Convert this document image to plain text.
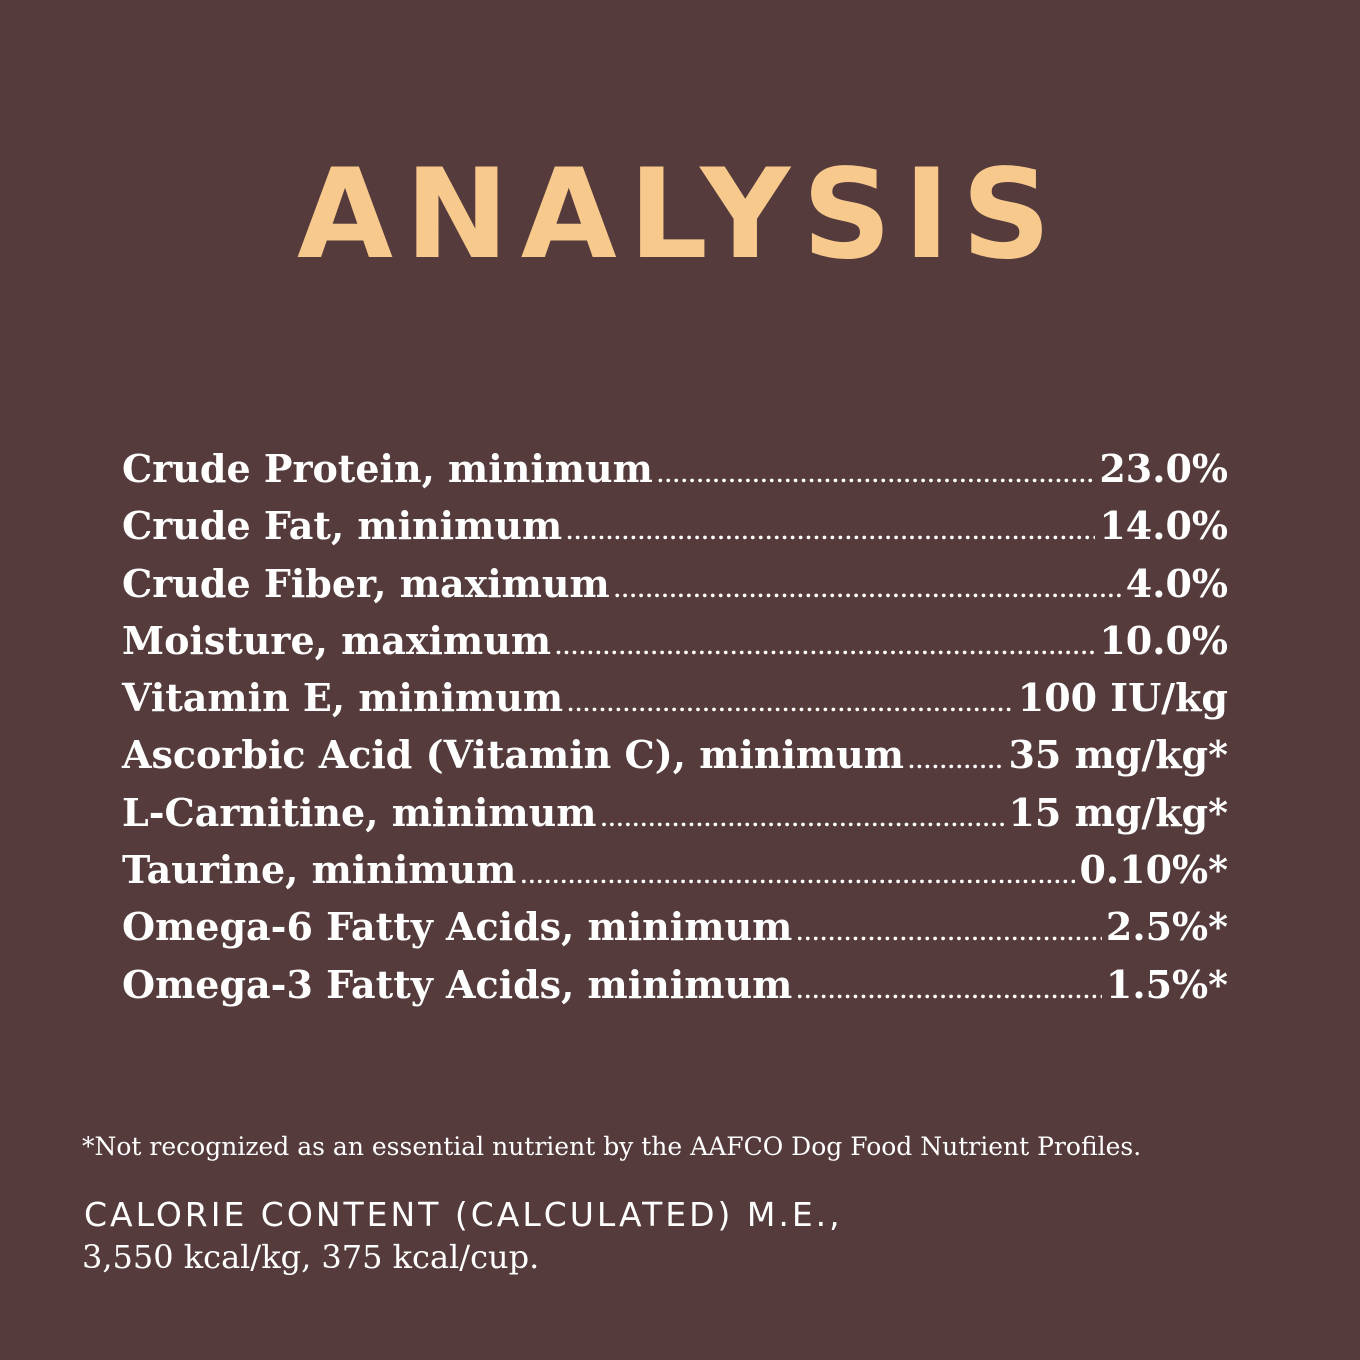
ANALYSIS
Crude Protein, minimum .....	23.0%
Crude Fat, minimum .....	14.0%
Crude Fiber, maximum .....	4.0%
Moisture, maximum .....	10.0%
Vitamin E, minimum .....	100 IU/kg
Ascorbic Acid (Vitamin C), minimum .....	35 mg/kg*
L-Carnitine, minimum .....	15 mg/kg*
Taurine, minimum .....	0.10%*
Omega-6 Fatty Acids, minimum .....	2.5%*
Omega-3 Fatty Acids, minimum .....	1.5%*

*Not recognized as an essential nutrient by the AAFCO Dog Food Nutrient Profiles.

CALORIE CONTENT (CALCULATED) M.E.,

3,550 kcal/kg, 375 kcal/cup.
